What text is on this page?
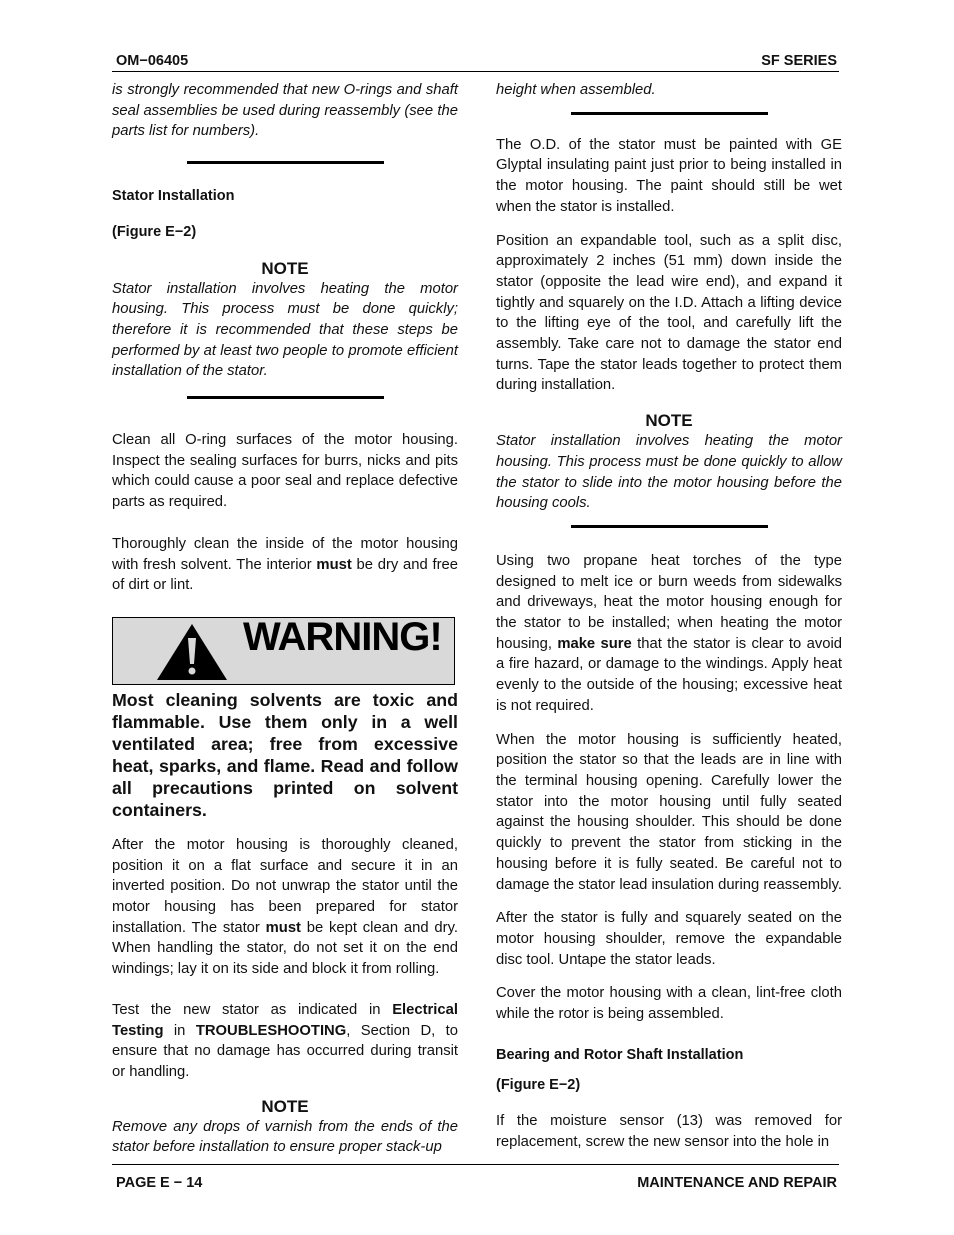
OM−06405	SF SERIES

is strongly recommended that new O-rings and shaft seal assemblies be used during reassembly (see the parts list for numbers).

Stator Installation

(Figure E−2)

NOTE

Stator installation involves heating the motor housing. This process must be done quickly; therefore it is recommended that these steps be performed by at least two people to promote efficient installation of the stator.

Clean all O-ring surfaces of the motor housing. Inspect the sealing surfaces for burrs, nicks and pits which could cause a poor seal and replace defective parts as required.

Thoroughly clean the inside of the motor housing with fresh solvent. The interior must be dry and free of dirt or lint.

WARNING!

Most cleaning solvents are toxic and flammable. Use them only in a well ventilated area; free from excessive heat, sparks, and flame. Read and follow all precautions printed on solvent containers.

After the motor housing is thoroughly cleaned, position it on a flat surface and secure it in an inverted position. Do not unwrap the stator until the motor housing has been prepared for stator installation. The stator must be kept clean and dry. When handling the stator, do not set it on the end windings; lay it on its side and block it from rolling.

Test the new stator as indicated in Electrical Testing in TROUBLESHOOTING, Section D, to ensure that no damage has occurred during transit or handling.

NOTE

Remove any drops of varnish from the ends of the stator before installation to ensure proper stack-up

height when assembled.

The O.D. of the stator must be painted with GE Glyptal insulating paint just prior to being installed in the motor housing. The paint should still be wet when the stator is installed.

Position an expandable tool, such as a split disc, approximately 2 inches (51 mm) down inside the stator (opposite the lead wire end), and expand it tightly and squarely on the I.D. Attach a lifting device to the lifting eye of the tool, and carefully lift the assembly. Take care not to damage the stator end turns. Tape the stator leads together to protect them during installation.

NOTE

Stator installation involves heating the motor housing. This process must be done quickly to allow the stator to slide into the motor housing before the housing cools.

Using two propane heat torches of the type designed to melt ice or burn weeds from sidewalks and driveways, heat the motor housing enough for the stator to be installed; when heating the motor housing, make sure that the stator is clear to avoid a fire hazard, or damage to the windings. Apply heat evenly to the outside of the housing; excessive heat is not required.

When the motor housing is sufficiently heated, position the stator so that the leads are in line with the terminal housing opening. Carefully lower the stator into the motor housing until fully seated against the housing shoulder. This should be done quickly to prevent the stator from sticking in the housing before it is fully seated. Be careful not to damage the stator lead insulation during reassembly.

After the stator is fully and squarely seated on the motor housing shoulder, remove the expandable disc tool. Untape the stator leads.

Cover the motor housing with a clean, lint-free cloth while the rotor is being assembled.

Bearing and Rotor Shaft Installation

(Figure E−2)

If the moisture sensor (13) was removed for replacement, screw the new sensor into the hole in

PAGE E − 14	MAINTENANCE AND REPAIR
